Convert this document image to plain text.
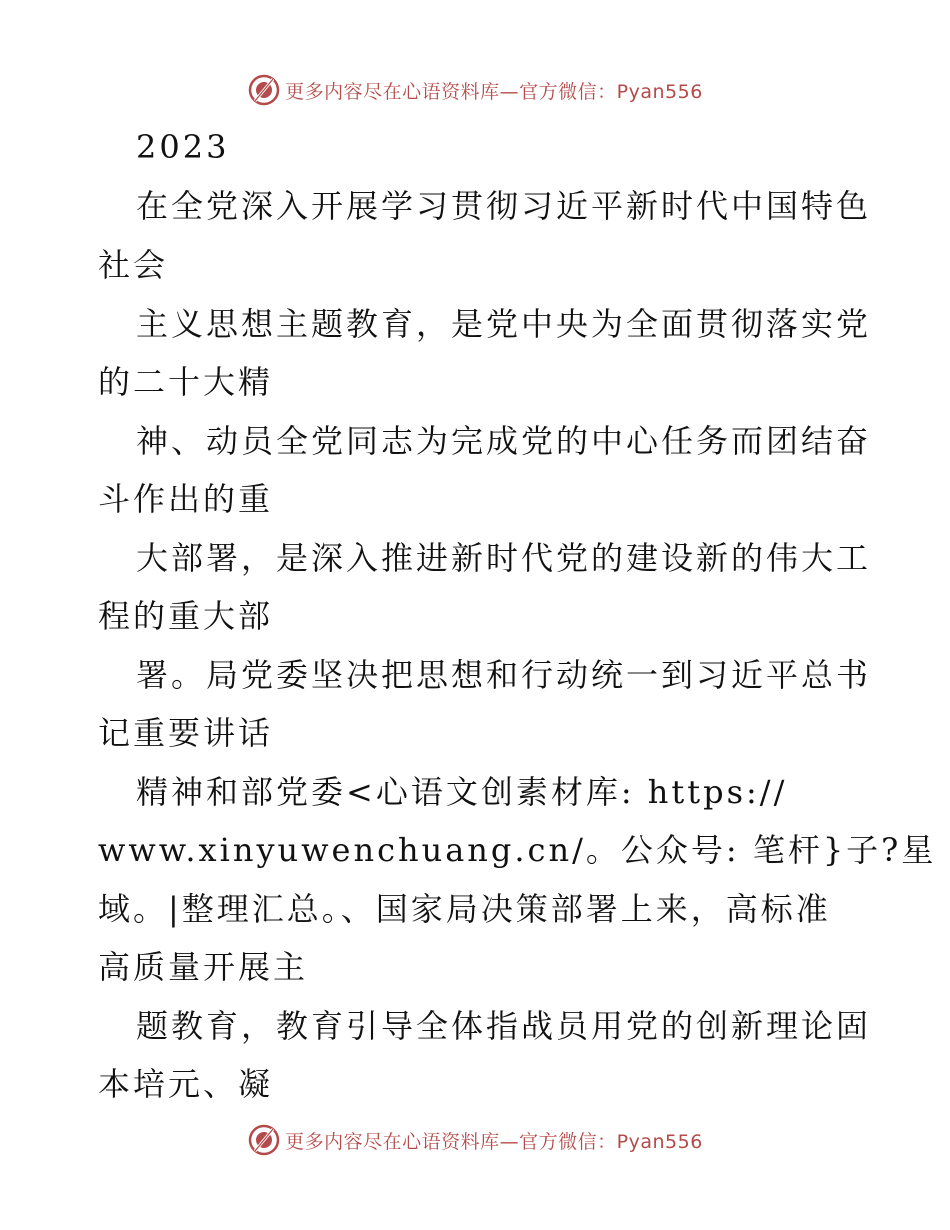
更多内容尽在心语资料库—官方微信：Pyan556
2023
在全党深入开展学习贯彻习近平新时代中国特色
社会
主义思想主题教育，是党中央为全面贯彻落实党
的二十大精
神、动员全党同志为完成党的中心任务而团结奋
斗作出的重
大部署，是深入推进新时代党的建设新的伟大工
程的重大部
署。局党委坚决把思想和行动统一到习近平总书
记重要讲话
精神和部党委<心语文创素材库: https://
www.xinyuwenchuang.cn/。公众号: 笔杆}子?星
域。|整理汇总。、国家局决策部署上来，高标准
高质量开展主
题教育，教育引导全体指战员用党的创新理论固
本培元、凝
更多内容尽在心语资料库—官方微信：Pyan556
